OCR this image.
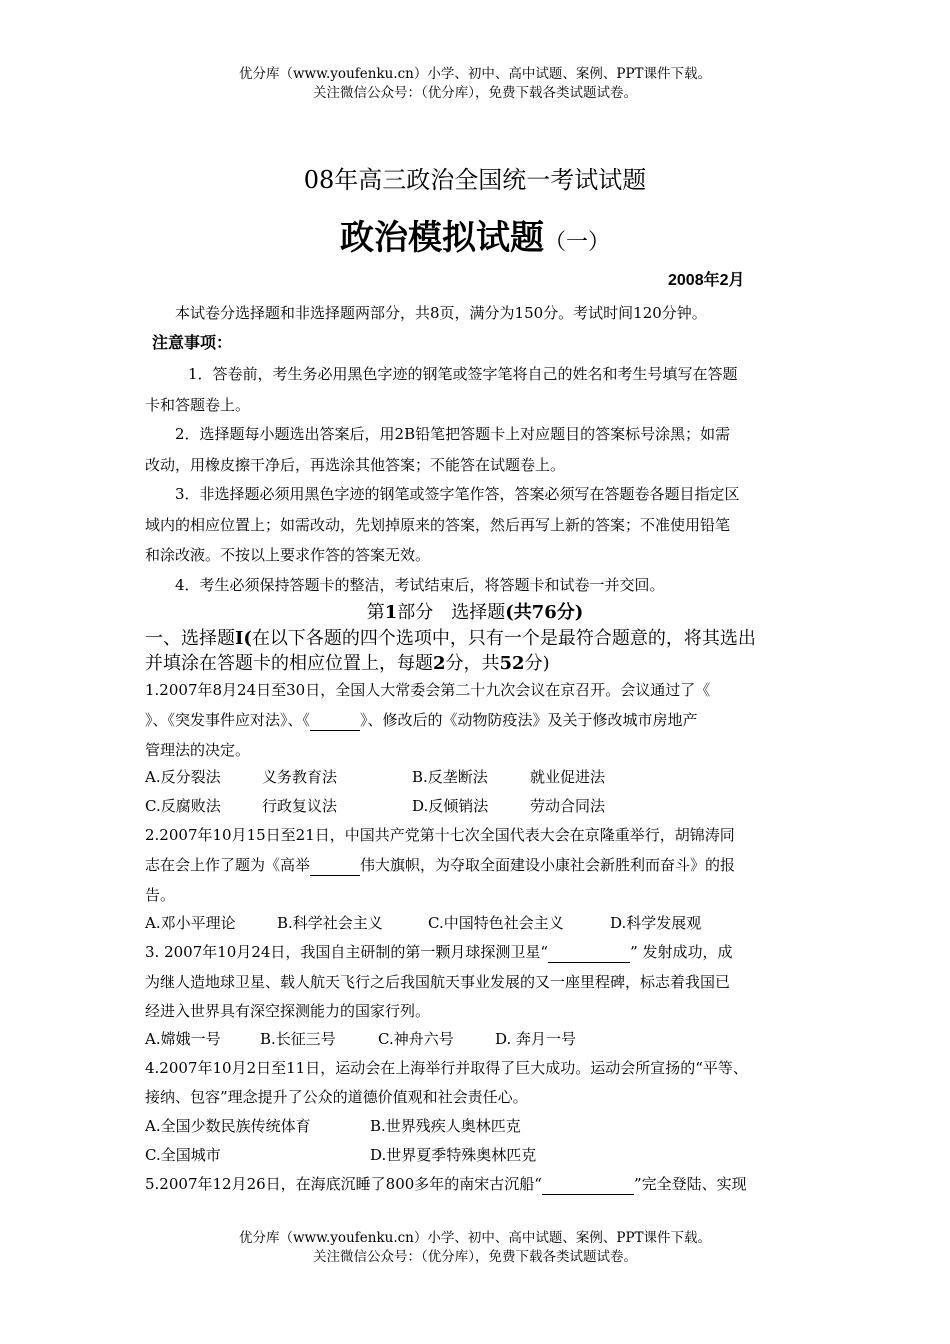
优分库（www.youfenku.cn）小学、初中、高中试题、案例、PPT课件下载。
关注微信公众号：（优分库），免费下载各类试题试卷。
08年高三政治全国统一考试试题
政治模拟试题（一）
2008年2月
本试卷分选择题和非选择题两部分，共8页，满分为150分。考试时间120分钟。
注意事项：
1．答卷前，考生务必用黑色字迹的钢笔或签字笔将自己的姓名和考生号填写在答题
卡和答题卷上。
2．选择题每小题选出答案后，用2B铅笔把答题卡上对应题目的答案标号涂黑；如需
改动，用橡皮擦干净后，再选涂其他答案；不能答在试题卷上。
3．非选择题必须用黑色字迹的钢笔或签字笔作答，答案必须写在答题卷各题目指定区
域内的相应位置上；如需改动，先划掉原来的答案，然后再写上新的答案；不准使用铅笔
和涂改液。不按以上要求作答的答案无效。
4．考生必须保持答题卡的整洁，考试结束后，将答题卡和试卷一并交回。
第1部分　选择题(共76分)
一、选择题I(在以下各题的四个选项中，只有一个是最符合题意的，将其选出
并填涂在答题卡的相应位置上，每题2分，共52分)
1.2007年8月24日至30日，全国人大常委会第二十九次会议在京召开。会议通过了《
》、《突发事件应对法》、《	》、修改后的《动物防疫法》及关于修改城市房地产
管理法的决定。
A.反分裂法	义务教育法	B.反垄断法	就业促进法
C.反腐败法	行政复议法	D.反倾销法	劳动合同法
2.2007年10月15日至21日，中国共产党第十七次全国代表大会在京隆重举行，胡锦涛同
志在会上作了题为《高举	伟大旗帜，为夺取全面建设小康社会新胜利而奋斗》的报
告。
A.邓小平理论	B.科学社会主义	C.中国特色社会主义	D.科学发展观
3. 2007年10月24日，我国自主研制的第一颗月球探测卫星“	” 发射成功，成
为继人造地球卫星、载人航天飞行之后我国航天事业发展的又一座里程碑，标志着我国已
经进入世界具有深空探测能力的国家行列。
A.嫦娥一号	B.长征三号	C.神舟六号	D. 奔月一号
4.2007年10月2日至11日，运动会在上海举行并取得了巨大成功。运动会所宣扬的“平等、
接纳、包容”理念提升了公众的道德价值观和社会责任心。
A.全国少数民族传统体育	B.世界残疾人奥林匹克
C.全国城市	D.世界夏季特殊奥林匹克
5.2007年12月26日，在海底沉睡了800多年的南宋古沉船“	”完全登陆、实现
优分库（www.youfenku.cn）小学、初中、高中试题、案例、PPT课件下载。
关注微信公众号：（优分库），免费下载各类试题试卷。
